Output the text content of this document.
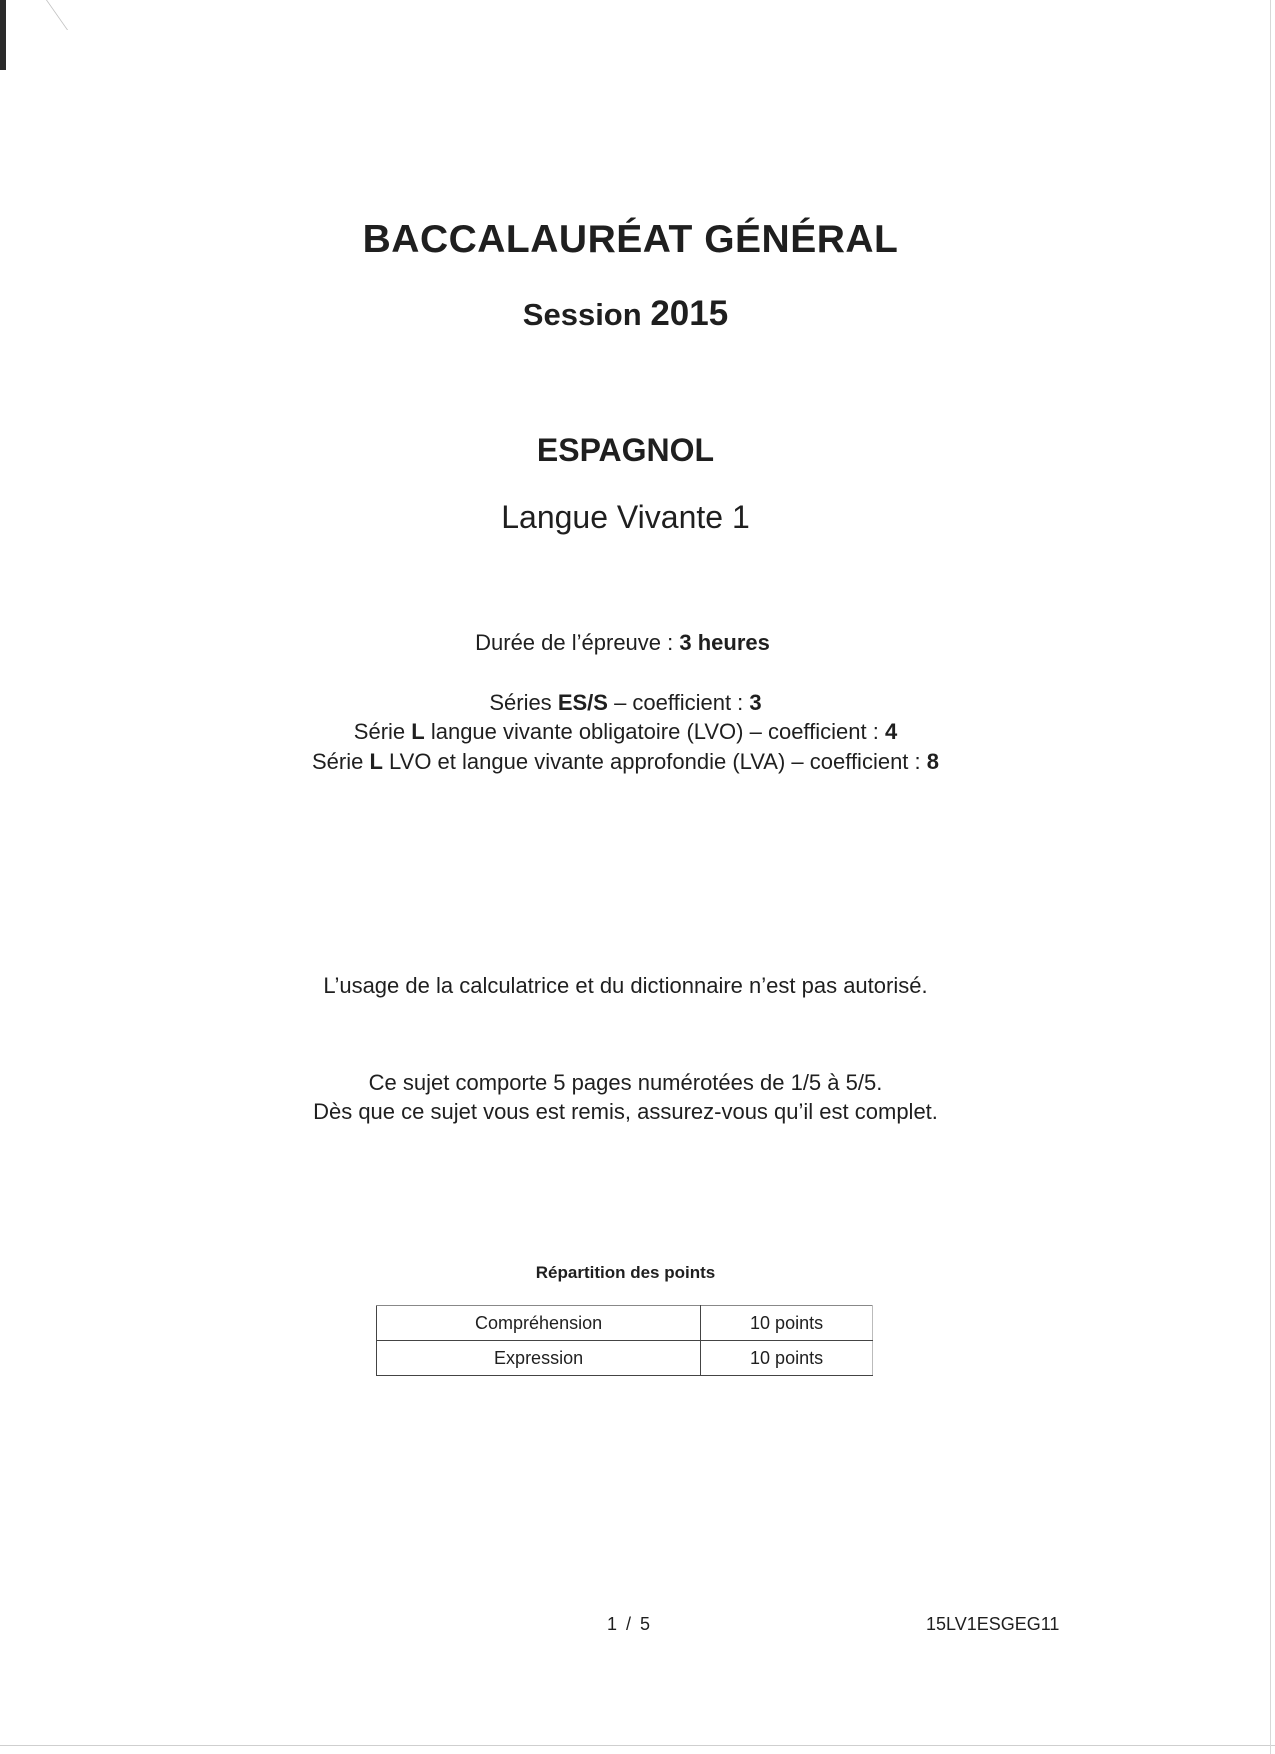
BACCALAURÉAT GÉNÉRAL
Session 2015
ESPAGNOL
Langue Vivante 1
Durée de l’épreuve : 3 heures
Séries ES/S – coefficient : 3
Série L langue vivante obligatoire (LVO) – coefficient : 4
Série L LVO et langue vivante approfondie (LVA) – coefficient : 8
L’usage de la calculatrice et du dictionnaire n’est pas autorisé.
Ce sujet comporte 5 pages numérotées de 1/5 à 5/5.
Dès que ce sujet vous est remis, assurez-vous qu’il est complet.
Répartition des points
Compréhension	10 points
Expression	10 points
1 / 5	15LV1ESGEG11
